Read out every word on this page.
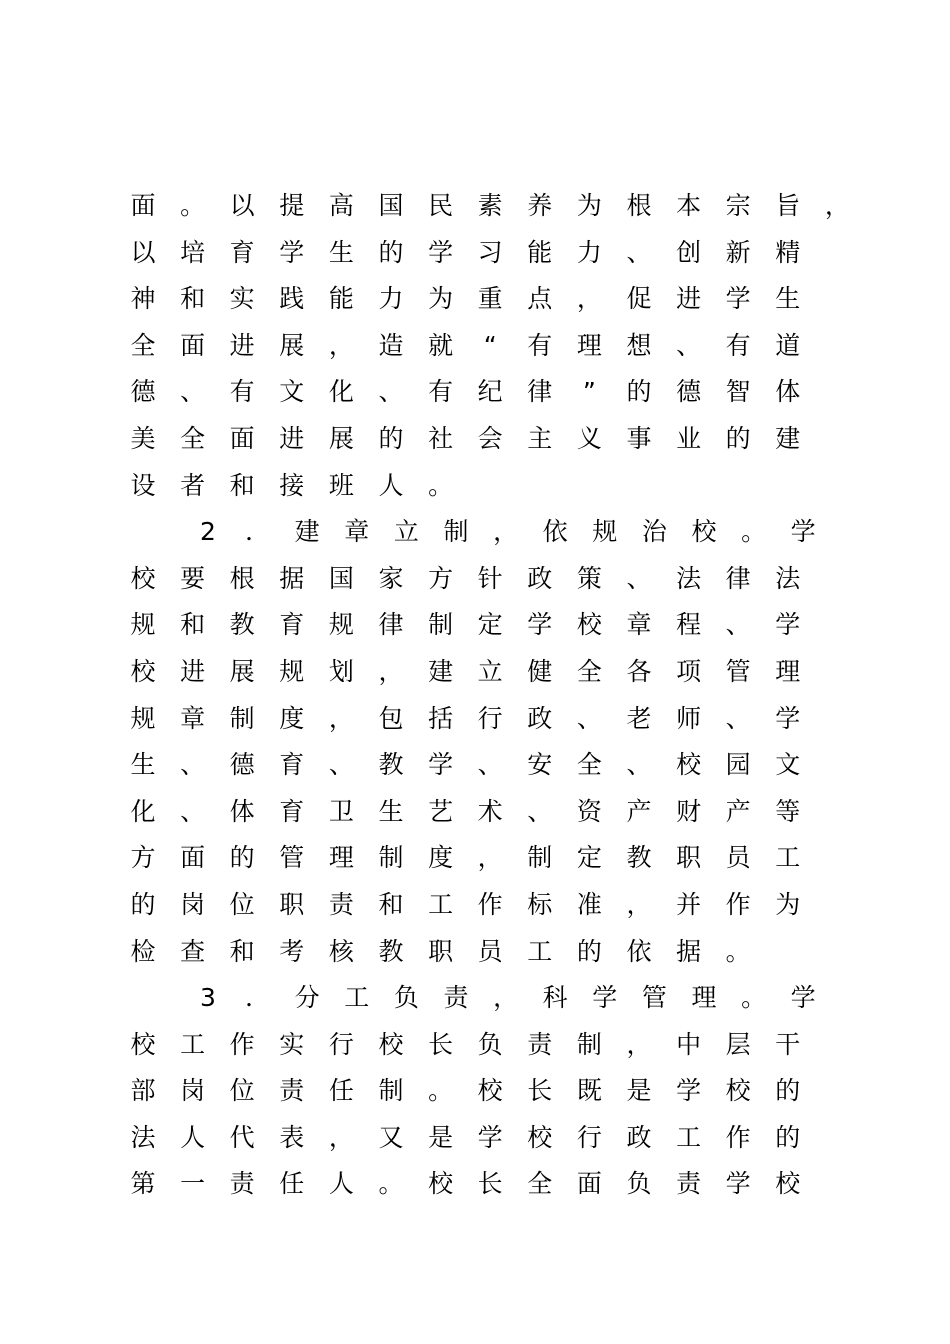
面 。 以 提 高 国 民 素 养 为 根 本 宗 旨 ，
以 培 育 学 生 的 学 习 能 力 、 创 新 精
神 和 实 践 能 力 为 重 点 ， 促 进 学 生
全 面 进 展 ， 造 就	“	有 理 想 、 有 道
德 、 有 文 化 、 有 纪 律	”	的 德 智 体
美 全 面 进 展 的 社 会 主 义 事 业 的 建
设 者 和 接 班 人 。
2 ． 建 章 立 制 ， 依 规 治 校 。 学
校 要 根 据 国 家 方 针 政 策 、 法 律 法
规 和 教 育 规 律 制 定 学 校 章 程 、 学
校 进 展 规 划 ， 建 立 健 全 各 项 管 理
规 章 制 度 ， 包 括 行 政 、 老 师 、 学
生 、 德 育 、 教 学 、 安 全 、 校 园 文
化 、 体 育 卫 生 艺 术 、 资 产 财 产 等
方 面 的 管 理 制 度 ， 制 定 教 职 员 工
的 岗 位 职 责 和 工 作 标 准 ， 并 作 为
检 查 和 考 核 教 职 员 工 的 依 据 。
3 ． 分 工 负 责 ， 科 学 管 理 。 学
校 工 作 实 行 校 长 负 责 制 ， 中 层 干
部 岗 位 责 任 制 。 校 长 既 是 学 校 的
法 人 代 表 ， 又 是 学 校 行 政 工 作 的
第 一 责 任 人 。 校 长 全 面 负 责 学 校
